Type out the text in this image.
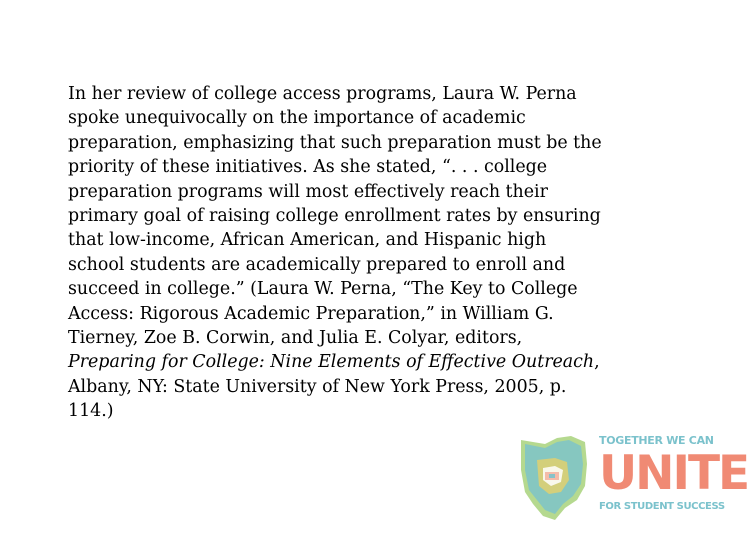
In her review of college access programs, Laura W. Perna
spoke unequivocally on the importance of academic
preparation, emphasizing that such preparation must be the
priority of these initiatives. As she stated, “. . . college
preparation programs will most effectively reach their
primary goal of raising college enrollment rates by ensuring
that low-income, African American, and Hispanic high
school students are academically prepared to enroll and
succeed in college.” (Laura W. Perna, “The Key to College
Access: Rigorous Academic Preparation,” in William G.
Tierney, Zoe B. Corwin, and Julia E. Colyar, editors,
Preparing for College: Nine Elements of Effective Outreach,
Albany, NY: State University of New York Press, 2005, p.
114.)
TOGETHER WE CAN
UNITE
FOR STUDENT SUCCESS
